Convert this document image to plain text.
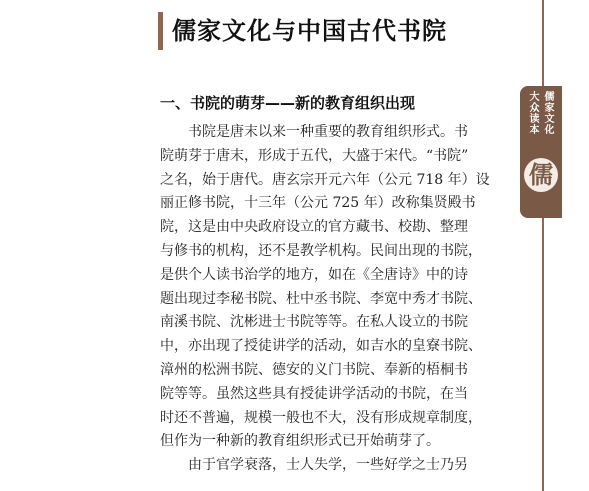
儒家文化与中国古代书院
儒家文化
大众读本
儒
一、书院的萌芽——新的教育组织出现
书院是唐末以来一种重要的教育组织形式。书
院萌芽于唐末，形成于五代，大盛于宋代。“书院”
之名，始于唐代。唐玄宗开元六年（公元 718 年）设
丽正修书院，十三年（公元 725 年）改称集贤殿书
院，这是由中央政府设立的官方藏书、校勘、整理
与修书的机构，还不是教学机构。民间出现的书院，
是供个人读书治学的地方，如在《全唐诗》中的诗
题出现过李秘书院、杜中丞书院、李宽中秀才书院、
南溪书院、沈彬进士书院等等。在私人设立的书院
中，亦出现了授徒讲学的活动，如吉水的皇寮书院、
漳州的松洲书院、德安的义门书院、奉新的梧桐书
院等等。虽然这些具有授徒讲学活动的书院，在当
时还不普遍，规模一般也不大，没有形成规章制度，
但作为一种新的教育组织形式已开始萌芽了。
由于官学衰落，士人失学，一些好学之士乃另
